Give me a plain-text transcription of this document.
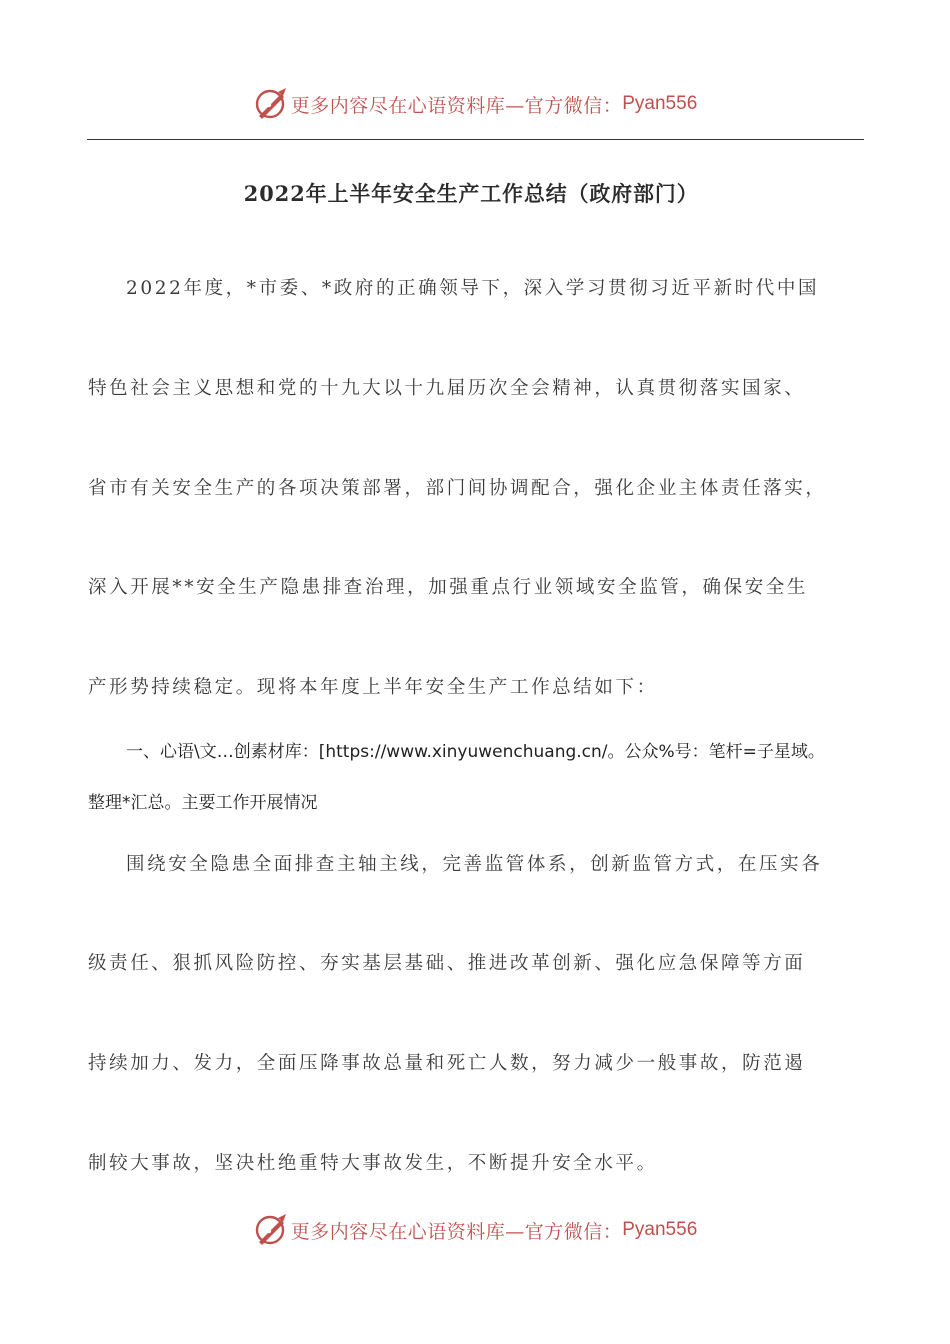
更多内容尽在心语资料库—官方微信： Pyan556
2022年上半年安全生产工作总结（政府部门）
2022年度，*市委、*政府的正确领导下，深入学习贯彻习近平新时代中国
特色社会主义思想和党的十九大以十九届历次全会精神，认真贯彻落实国家、
省市有关安全生产的各项决策部署，部门间协调配合，强化企业主体责任落实，
深入开展**安全生产隐患排查治理，加强重点行业领域安全监管，确保安全生
产形势持续稳定。现将本年度上半年安全生产工作总结如下：
一、心语\文…创素材库：[https://www.xinyuwenchuang.cn/。公众%号：笔杆=子星域。
整理*汇总。主要工作开展情况
围绕安全隐患全面排查主轴主线，完善监管体系，创新监管方式，在压实各
级责任、狠抓风险防控、夯实基层基础、推进改革创新、强化应急保障等方面
持续加力、发力，全面压降事故总量和死亡人数，努力减少一般事故，防范遏
制较大事故，坚决杜绝重特大事故发生，不断提升安全水平。
更多内容尽在心语资料库—官方微信： Pyan556
